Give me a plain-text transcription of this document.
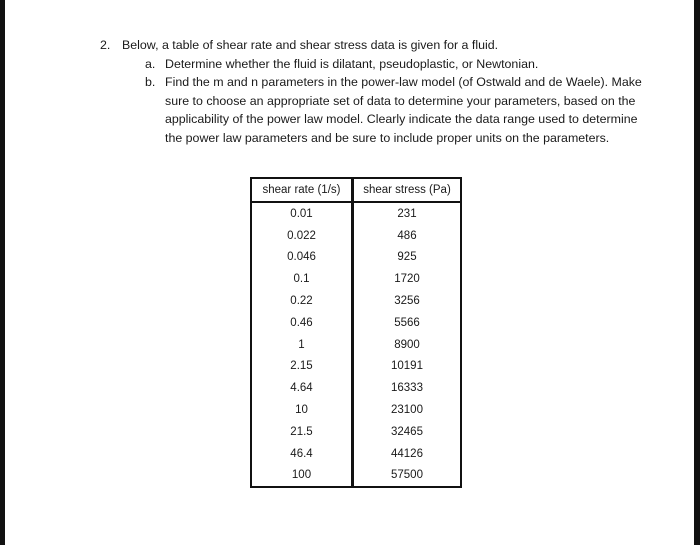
2. Below, a table of shear rate and shear stress data is given for a fluid.
a. Determine whether the fluid is dilatant, pseudoplastic, or Newtonian.
b. Find the m and n parameters in the power-law model (of Ostwald and de Waele). Make sure to choose an appropriate set of data to determine your parameters, based on the applicability of the power law model. Clearly indicate the data range used to determine the power law parameters and be sure to include proper units on the parameters.
shear rate (1/s)	shear stress (Pa)
0.01	231
0.022	486
0.046	925
0.1	1720
0.22	3256
0.46	5566
1	8900
2.15	10191
4.64	16333
10	23100
21.5	32465
46.4	44126
100	57500
